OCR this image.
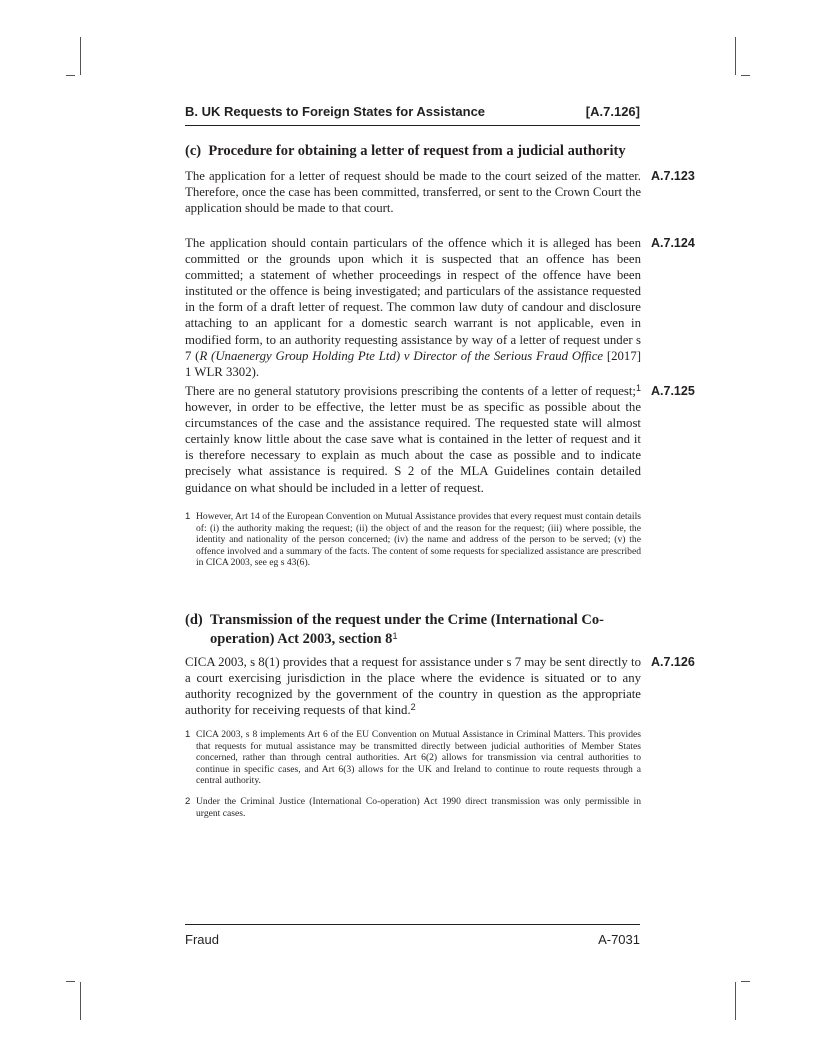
B. UK Requests to Foreign States for Assistance	[A.7.126]
(c) Procedure for obtaining a letter of request from a judicial authority
The application for a letter of request should be made to the court seized of the matter. Therefore, once the case has been committed, transferred, or sent to the Crown Court the application should be made to that court.
A.7.123
The application should contain particulars of the offence which it is alleged has been committed or the grounds upon which it is suspected that an offence has been committed; a statement of whether proceedings in respect of the offence have been instituted or the offence is being investigated; and particulars of the assistance requested in the form of a draft letter of request. The common law duty of candour and disclosure attaching to an applicant for a domestic search warrant is not applicable, even in modified form, to an authority requesting assistance by way of a letter of request under s 7 (R (Unaenergy Group Holding Pte Ltd) v Director of the Serious Fraud Office [2017] 1 WLR 3302).
A.7.124
There are no general statutory provisions prescribing the contents of a letter of request;$^1$ however, in order to be effective, the letter must be as specific as possible about the circumstances of the case and the assistance required. The requested state will almost certainly know little about the case save what is contained in the letter of request and it is therefore necessary to explain as much about the case as possible and to indicate precisely what assistance is required. S 2 of the MLA Guidelines contain detailed guidance on what should be included in a letter of request.
A.7.125
1 However, Art 14 of the European Convention on Mutual Assistance provides that every request must contain details of: (i) the authority making the request; (ii) the object of and the reason for the request; (iii) where possible, the identity and nationality of the person concerned; (iv) the name and address of the person to be served; (v) the offence involved and a summary of the facts. The content of some requests for specialized assistance are prescribed in CICA 2003, see eg s 43(6).
(d) Transmission of the request under the Crime (International Co-operation) Act 2003, section $8^1$
CICA 2003, s 8(1) provides that a request for assistance under s 7 may be sent directly to a court exercising jurisdiction in the place where the evidence is situated or to any authority recognized by the government of the country in question as the appropriate authority for receiving requests of that kind.$^2$
A.7.126
1 CICA 2003, s 8 implements Art 6 of the EU Convention on Mutual Assistance in Criminal Matters. This provides that requests for mutual assistance may be transmitted directly between judicial authorities of Member States concerned, rather than through central authorities. Art 6(2) allows for transmission via central authorities to continue in specific cases, and Art 6(3) allows for the UK and Ireland to continue to route requests through a central authority.
2 Under the Criminal Justice (International Co-operation) Act 1990 direct transmission was only permissible in urgent cases.
Fraud	A-7031
